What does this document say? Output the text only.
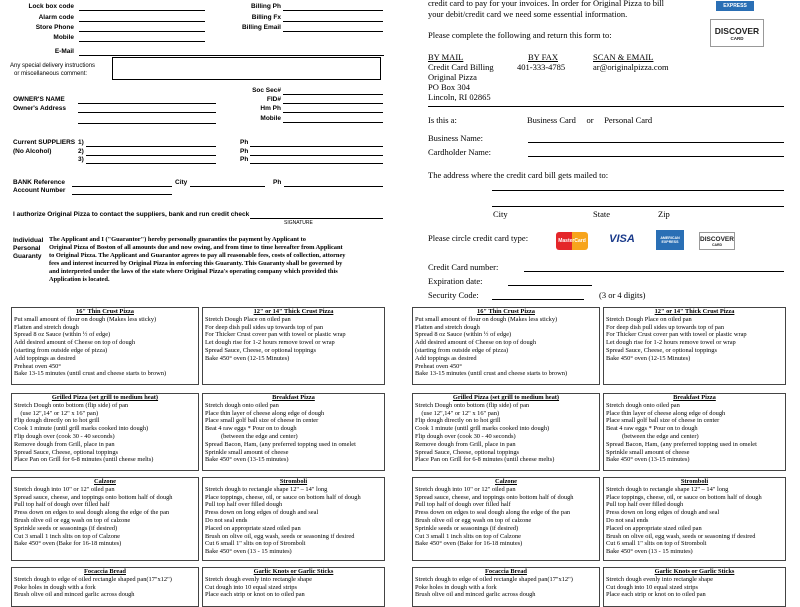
Lock box code
Alarm code
Store Phone
Mobile
Billing Ph
Billing Fx
Billing Email
E-Mail
Any special delivery instructions
or miscellaneous comment:
Soc Sec#
FID#
Hm Ph
Mobile
OWNER'S NAME
Owner's Address
Current SUPPLIERS
(No Alcohol)
1)
2)
3)
Ph
Ph
Ph
BANK Reference	City	Ph
Account Number
I authorize Original Pizza to contact the suppliers, bank and run credit check
SIGNATURE
Individual
Personal
Guaranty
The Applicant and I ("Guarantor") hereby personally guaranties the payment by Applicant to
Original Pizza of Boston of all amounts due and now owing, and from time to time hereafter from Applicant
to Original Pizza. The Applicant and Guarantor agrees to pay all reasonable fees, costs of collection, attorney
fees and interest incurred by Original Pizza in enforcing this Guaranty. This Guaranty shall be governed by
and interpreted under the laws of the state where Original Pizza's operating company which provided this
Application is located.
credit card to pay for your invoices. In order for Original Pizza to bill
your debit/credit card we need some essential information.
Please complete the following and return this form to:
EXPRESS
DISCOVER
CARD
BY MAIL	BY FAX	SCAN & EMAIL
Credit Card Billing
Original Pizza
PO Box 304
Lincoln, RI 02865
401-333-4785	ar@originalpizza.com
Is this a:	Business Card     or     Personal Card
Business Name:
Cardholder Name:
The address where the credit card bill gets mailed to:
City	State	Zip
Please circle credit card type:	MasterCard	VISA	AMERICAN EXPRESS	DISCOVER
CARD
Credit Card number:
Expiration date:
Security Code:	(3 or 4 digits)
16" Thin Crust Pizza
Put small amount of flour on dough (Makes less sticky)
Flatten and stretch dough
Spread 8 oz Sauce (within ½ of edge)
Add desired amount of Cheese on top of dough
(starting from outside edge of pizza)
Add toppings as desired
Preheat oven 450°
Bake 13-15 minutes (until crust and cheese starts to brown)
12" or 14" Thick Crust Pizza
Stretch Dough Place on oiled pan
For deep dish pull sides up towards top of pan
For Thicker Crust cover pan with towel or plastic wrap
Let dough rise for 1-2 hours remove towel or wrap
Spread Sauce, Cheese, or optional toppings
Bake 450° oven (12-15 Minutes)
Grilled Pizza (set grill to medium heat)
Stretch Dough onto bottom (flip side) of pan
(use 12",14" or 12" x 16" pan)
Flip dough directly on to hot grill
Cook 1 minute (until grill marks cooked into dough)
Flip dough over (cook 30 - 40 seconds)
Remove dough from Grill, place in pan
Spread Sauce, Cheese, optional toppings
Place Pan on Grill for 6-8 minutes (until cheese melts)
Breakfast Pizza
Stretch dough onto oiled pan
Place thin layer of cheese along edge of dough
Place small golf ball size of cheese in center
Beat 4 raw eggs * Pour on to dough
(between the edge and center)
Spread Bacon, Ham, (any preferred topping used in omelet
Sprinkle small amount of cheese
Bake 450° oven (13-15 minutes)
Calzone
Stretch dough into 10" or 12" oiled pan
Spread sauce, cheese, and toppings onto bottom half of dough
Pull top half of dough over filled half
Press down on edges to seal dough along the edge of the pan
Brush olive oil or egg wash on top of calzone
Sprinkle seeds or seasonings (if desired)
Cut 3 small 1 inch slits on top of Calzone
Bake 450° oven (Bake for 16-18 minutes)
Stromboli
Stretch dough to rectangle shape 12" – 14" long
Place toppings, cheese, oil, or sauce on bottom half of dough
Pull top half over filled dough
Press down on long edges of dough and seal
Do not seal ends
Placed on appropriate sized oiled pan
Brush on olive oil, egg wash, seeds or seasoning if desired
Cut 6 small 1" slits on top of Stromboli
Bake 450° oven (13 - 15 minutes)
Focaccia Bread
Stretch dough to edge of oiled rectangle shaped pan(17"x12")
Poke holes in dough with a fork
Brush olive oil and minced garlic across dough
Garlic Knots or Garlic Sticks
Stretch dough evenly into rectangle shape
Cut dough into 10 equal sized strips
Place each strip or knot on to oiled pan
16" Thin Crust Pizza
Put small amount of flour on dough (Makes less sticky)
Flatten and stretch dough
Spread 8 oz Sauce (within ½ of edge)
Add desired amount of Cheese on top of dough
(starting from outside edge of pizza)
Add toppings as desired
Preheat oven 450°
Bake 13-15 minutes (until crust and cheese starts to brown)
12" or 14" Thick Crust Pizza
Stretch Dough Place on oiled pan
For deep dish pull sides up towards top of pan
For Thicker Crust cover pan with towel or plastic wrap
Let dough rise for 1-2 hours remove towel or wrap
Spread Sauce, Cheese, or optional toppings
Bake 450° oven (12-15 Minutes)
Grilled Pizza (set grill to medium heat)
Stretch Dough onto bottom (flip side) of pan
(use 12",14" or 12" x 16" pan)
Flip dough directly on to hot grill
Cook 1 minute (until grill marks cooked into dough)
Flip dough over (cook 30 - 40 seconds)
Remove dough from Grill, place in pan
Spread Sauce, Cheese, optional toppings
Place Pan on Grill for 6-8 minutes (until cheese melts)
Breakfast Pizza
Stretch dough onto oiled pan
Place thin layer of cheese along edge of dough
Place small golf ball size of cheese in center
Beat 4 raw eggs * Pour on to dough
(between the edge and center)
Spread Bacon, Ham, (any preferred topping used in omelet
Sprinkle small amount of cheese
Bake 450° oven (13-15 minutes)
Calzone
Stretch dough into 10" or 12" oiled pan
Spread sauce, cheese, and toppings onto bottom half of dough
Pull top half of dough over filled half
Press down on edges to seal dough along the edge of the pan
Brush olive oil or egg wash on top of calzone
Sprinkle seeds or seasonings (if desired)
Cut 3 small 1 inch slits on top of Calzone
Bake 450° oven (Bake for 16-18 minutes)
Stromboli
Stretch dough to rectangle shape 12" – 14" long
Place toppings, cheese, oil, or sauce on bottom half of dough
Pull top half over filled dough
Press down on long edges of dough and seal
Do not seal ends
Placed on appropriate sized oiled pan
Brush on olive oil, egg wash, seeds or seasoning if desired
Cut 6 small 1" slits on top of Stromboli
Bake 450° oven (13 - 15 minutes)
Focaccia Bread
Stretch dough to edge of oiled rectangle shaped pan(17"x12")
Poke holes in dough with a fork
Brush olive oil and minced garlic across dough
Garlic Knots or Garlic Sticks
Stretch dough evenly into rectangle shape
Cut dough into 10 equal sized strips
Place each strip or knot on to oiled pan
